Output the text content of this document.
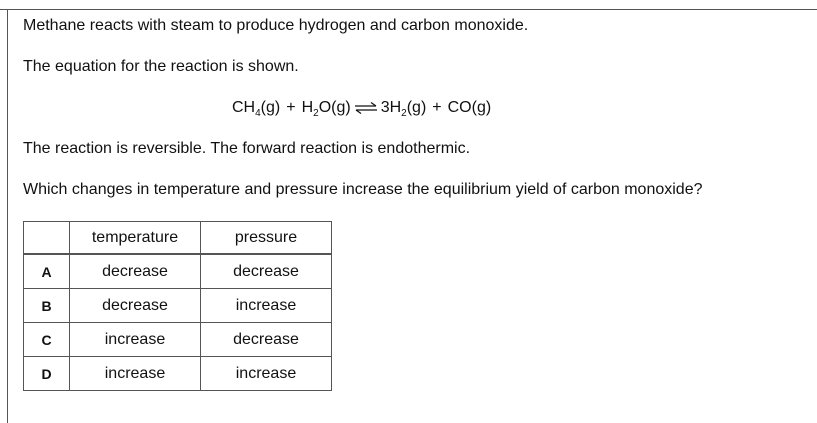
Methane reacts with steam to produce hydrogen and carbon monoxide.
The equation for the reaction is shown.
$CH_4(g) + H_2O(g)$ ⇌ $3H_2(g) + CO(g)$
The reaction is reversible. The forward reaction is endothermic.
Which changes in temperature and pressure increase the equilibrium yield of carbon monoxide?
	temperature	pressure
A	decrease	decrease
B	decrease	increase
C	increase	decrease
D	increase	increase
